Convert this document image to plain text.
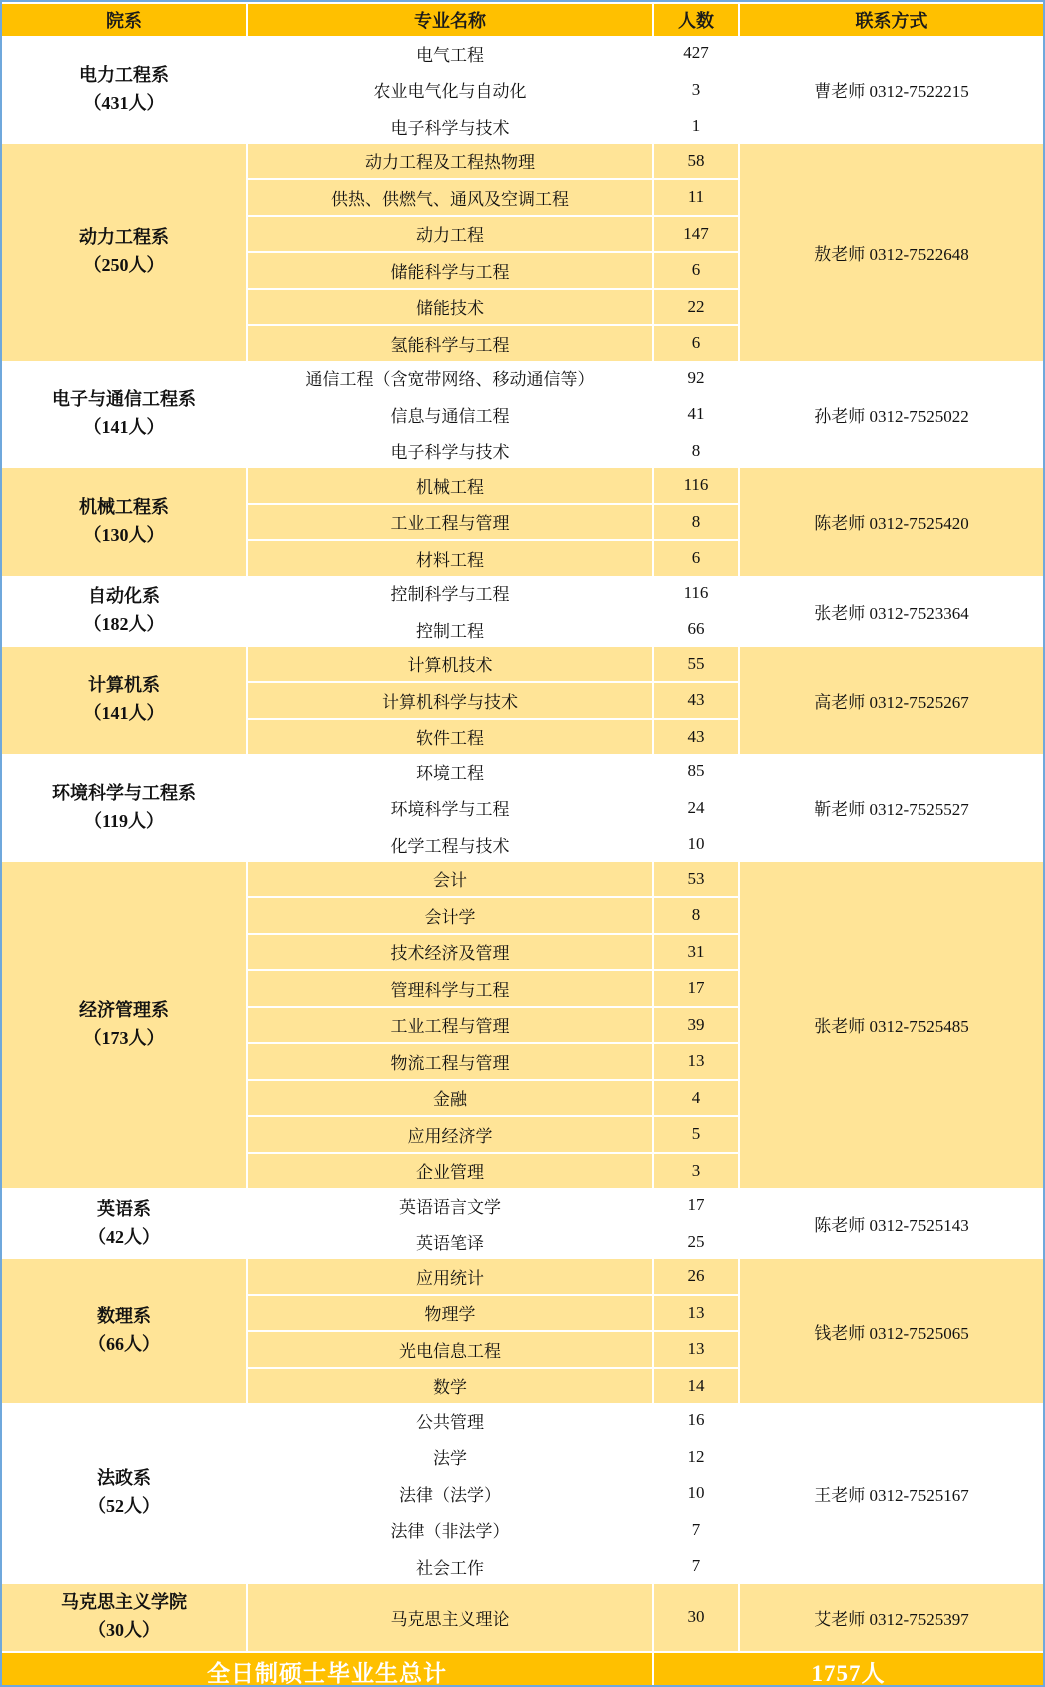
院系	专业名称	人数	联系方式
电力工程系
（431人）
电气工程	427
农业电气化与自动化	3
电子科学与技术	1
曹老师 0312-7522215
动力工程系
（250人）
动力工程及工程热物理	58
供热、供燃气、通风及空调工程	11
动力工程	147
储能科学与工程	6
储能技术	22
氢能科学与工程	6
敖老师 0312-7522648
电子与通信工程系
（141人）
通信工程（含宽带网络、移动通信等）	92
信息与通信工程	41
电子科学与技术	8
孙老师 0312-7525022
机械工程系
（130人）
机械工程	116
工业工程与管理	8
材料工程	6
陈老师 0312-7525420
自动化系
（182人）
控制科学与工程	116
控制工程	66
张老师 0312-7523364
计算机系
（141人）
计算机技术	55
计算机科学与技术	43
软件工程	43
高老师 0312-7525267
环境科学与工程系
（119人）
环境工程	85
环境科学与工程	24
化学工程与技术	10
靳老师 0312-7525527
经济管理系
（173人）
会计	53
会计学	8
技术经济及管理	31
管理科学与工程	17
工业工程与管理	39
物流工程与管理	13
金融	4
应用经济学	5
企业管理	3
张老师 0312-7525485
英语系
（42人）
英语语言文学	17
英语笔译	25
陈老师 0312-7525143
数理系
（66人）
应用统计	26
物理学	13
光电信息工程	13
数学	14
钱老师 0312-7525065
法政系
（52人）
公共管理	16
法学	12
法律（法学）	10
法律（非法学）	7
社会工作	7
王老师 0312-7525167
马克思主义学院
（30人）
马克思主义理论	30	艾老师 0312-7525397
全日制硕士毕业生总计	1757人
